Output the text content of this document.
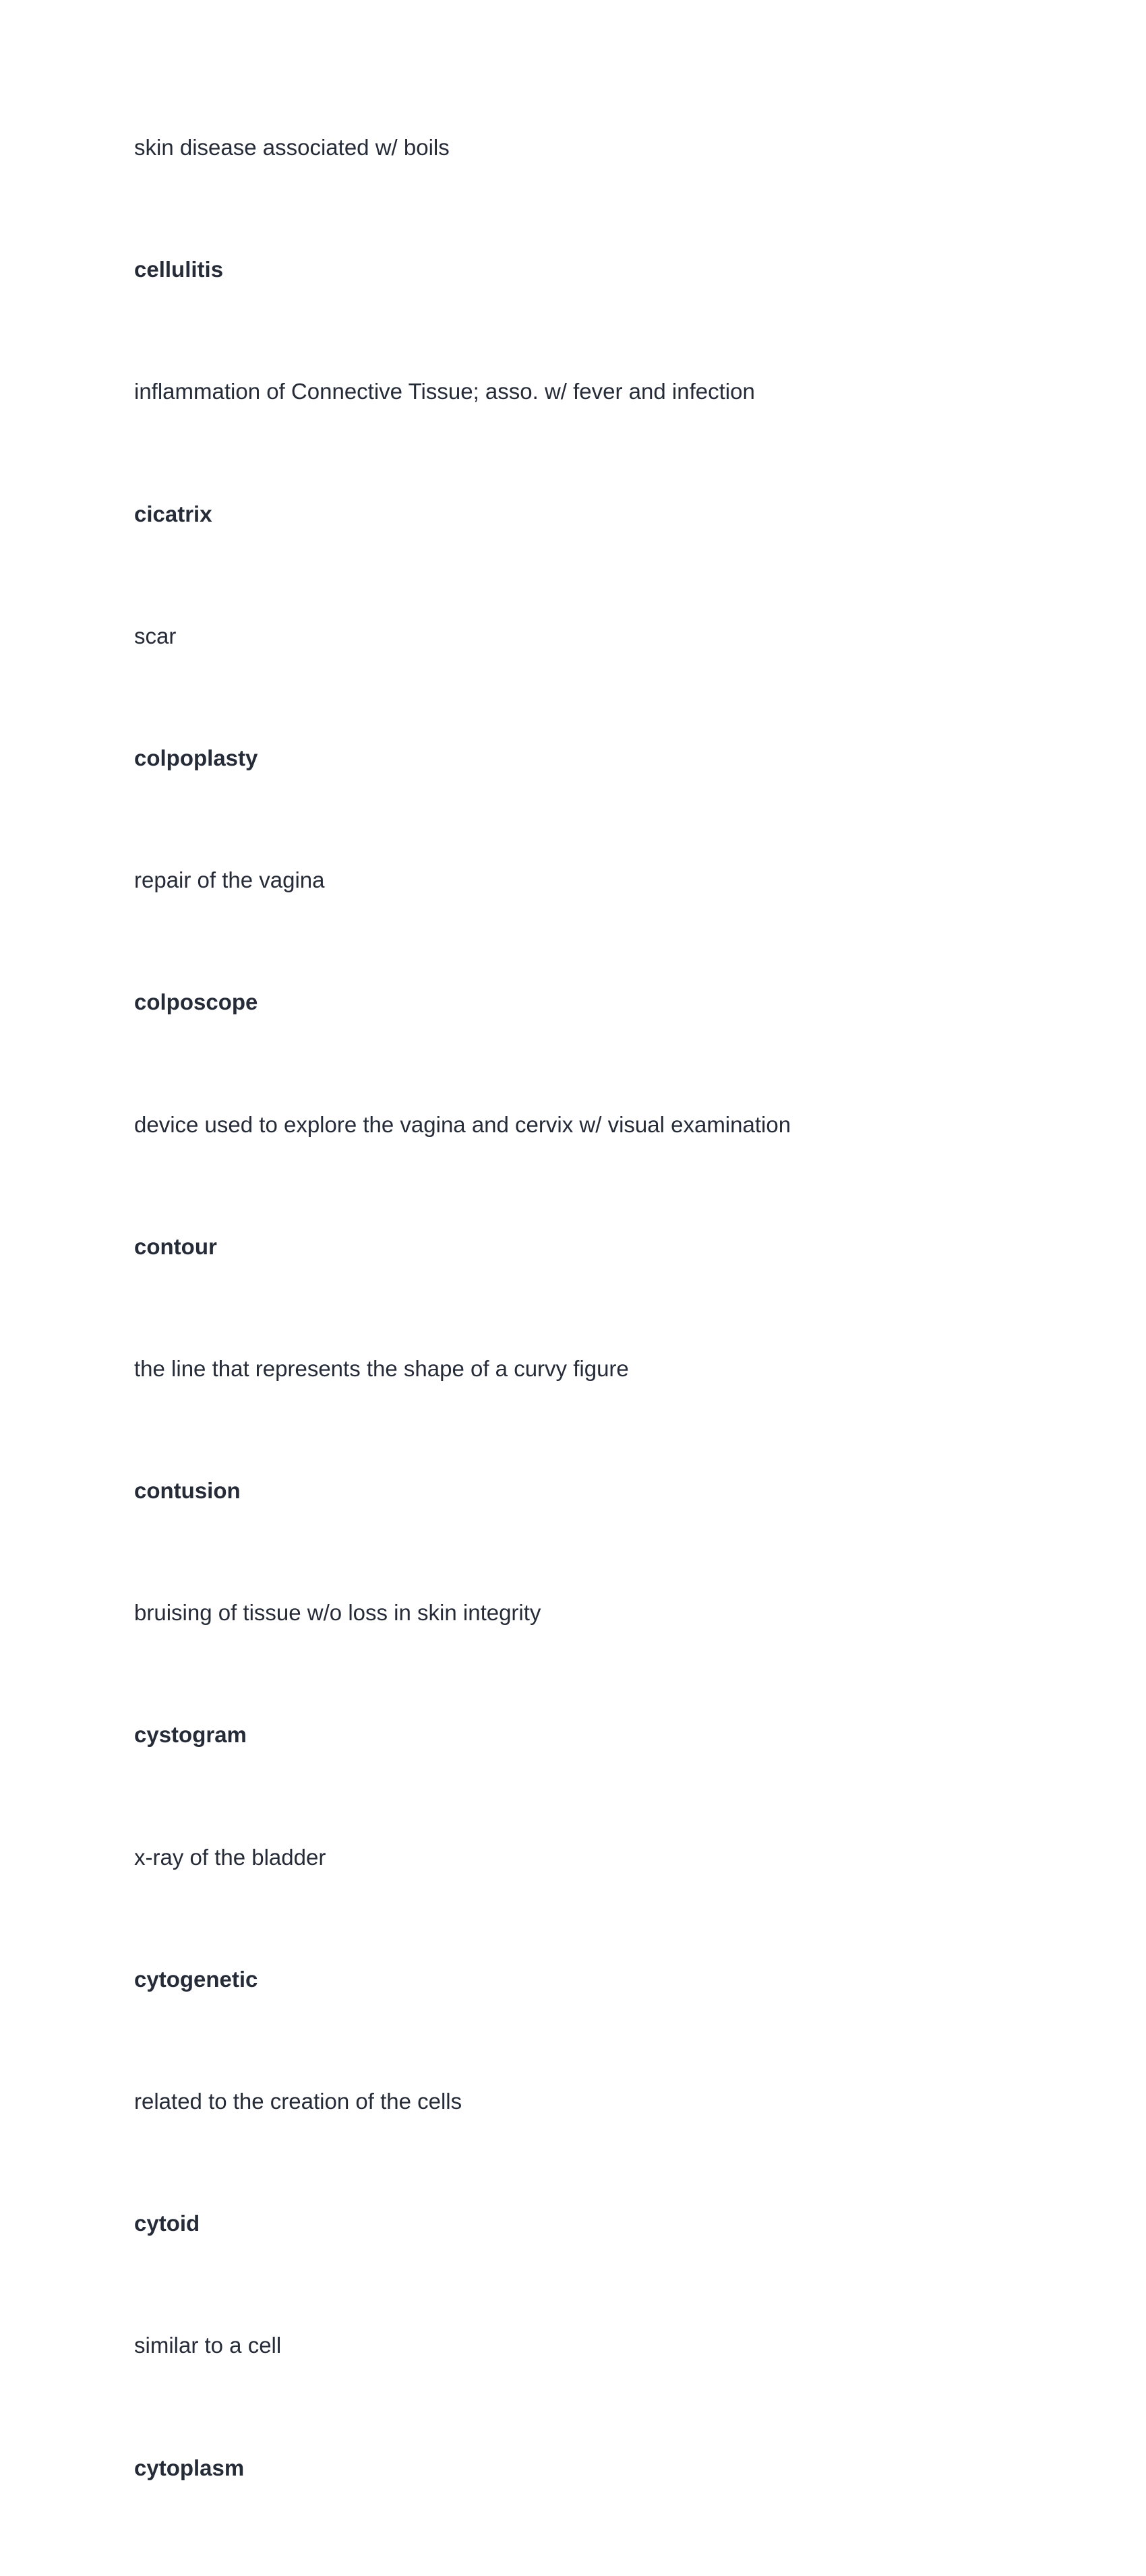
skin disease associated w/ boils
cellulitis
inflammation of Connective Tissue; asso. w/ fever and infection
cicatrix
scar
colpoplasty
repair of the vagina
colposcope
device used to explore the vagina and cervix w/ visual examination
contour
the line that represents the shape of a curvy figure
contusion
bruising of tissue w/o loss in skin integrity
cystogram
x-ray of the bladder
cytogenetic
related to the creation of the cells
cytoid
similar to a cell
cytoplasm
